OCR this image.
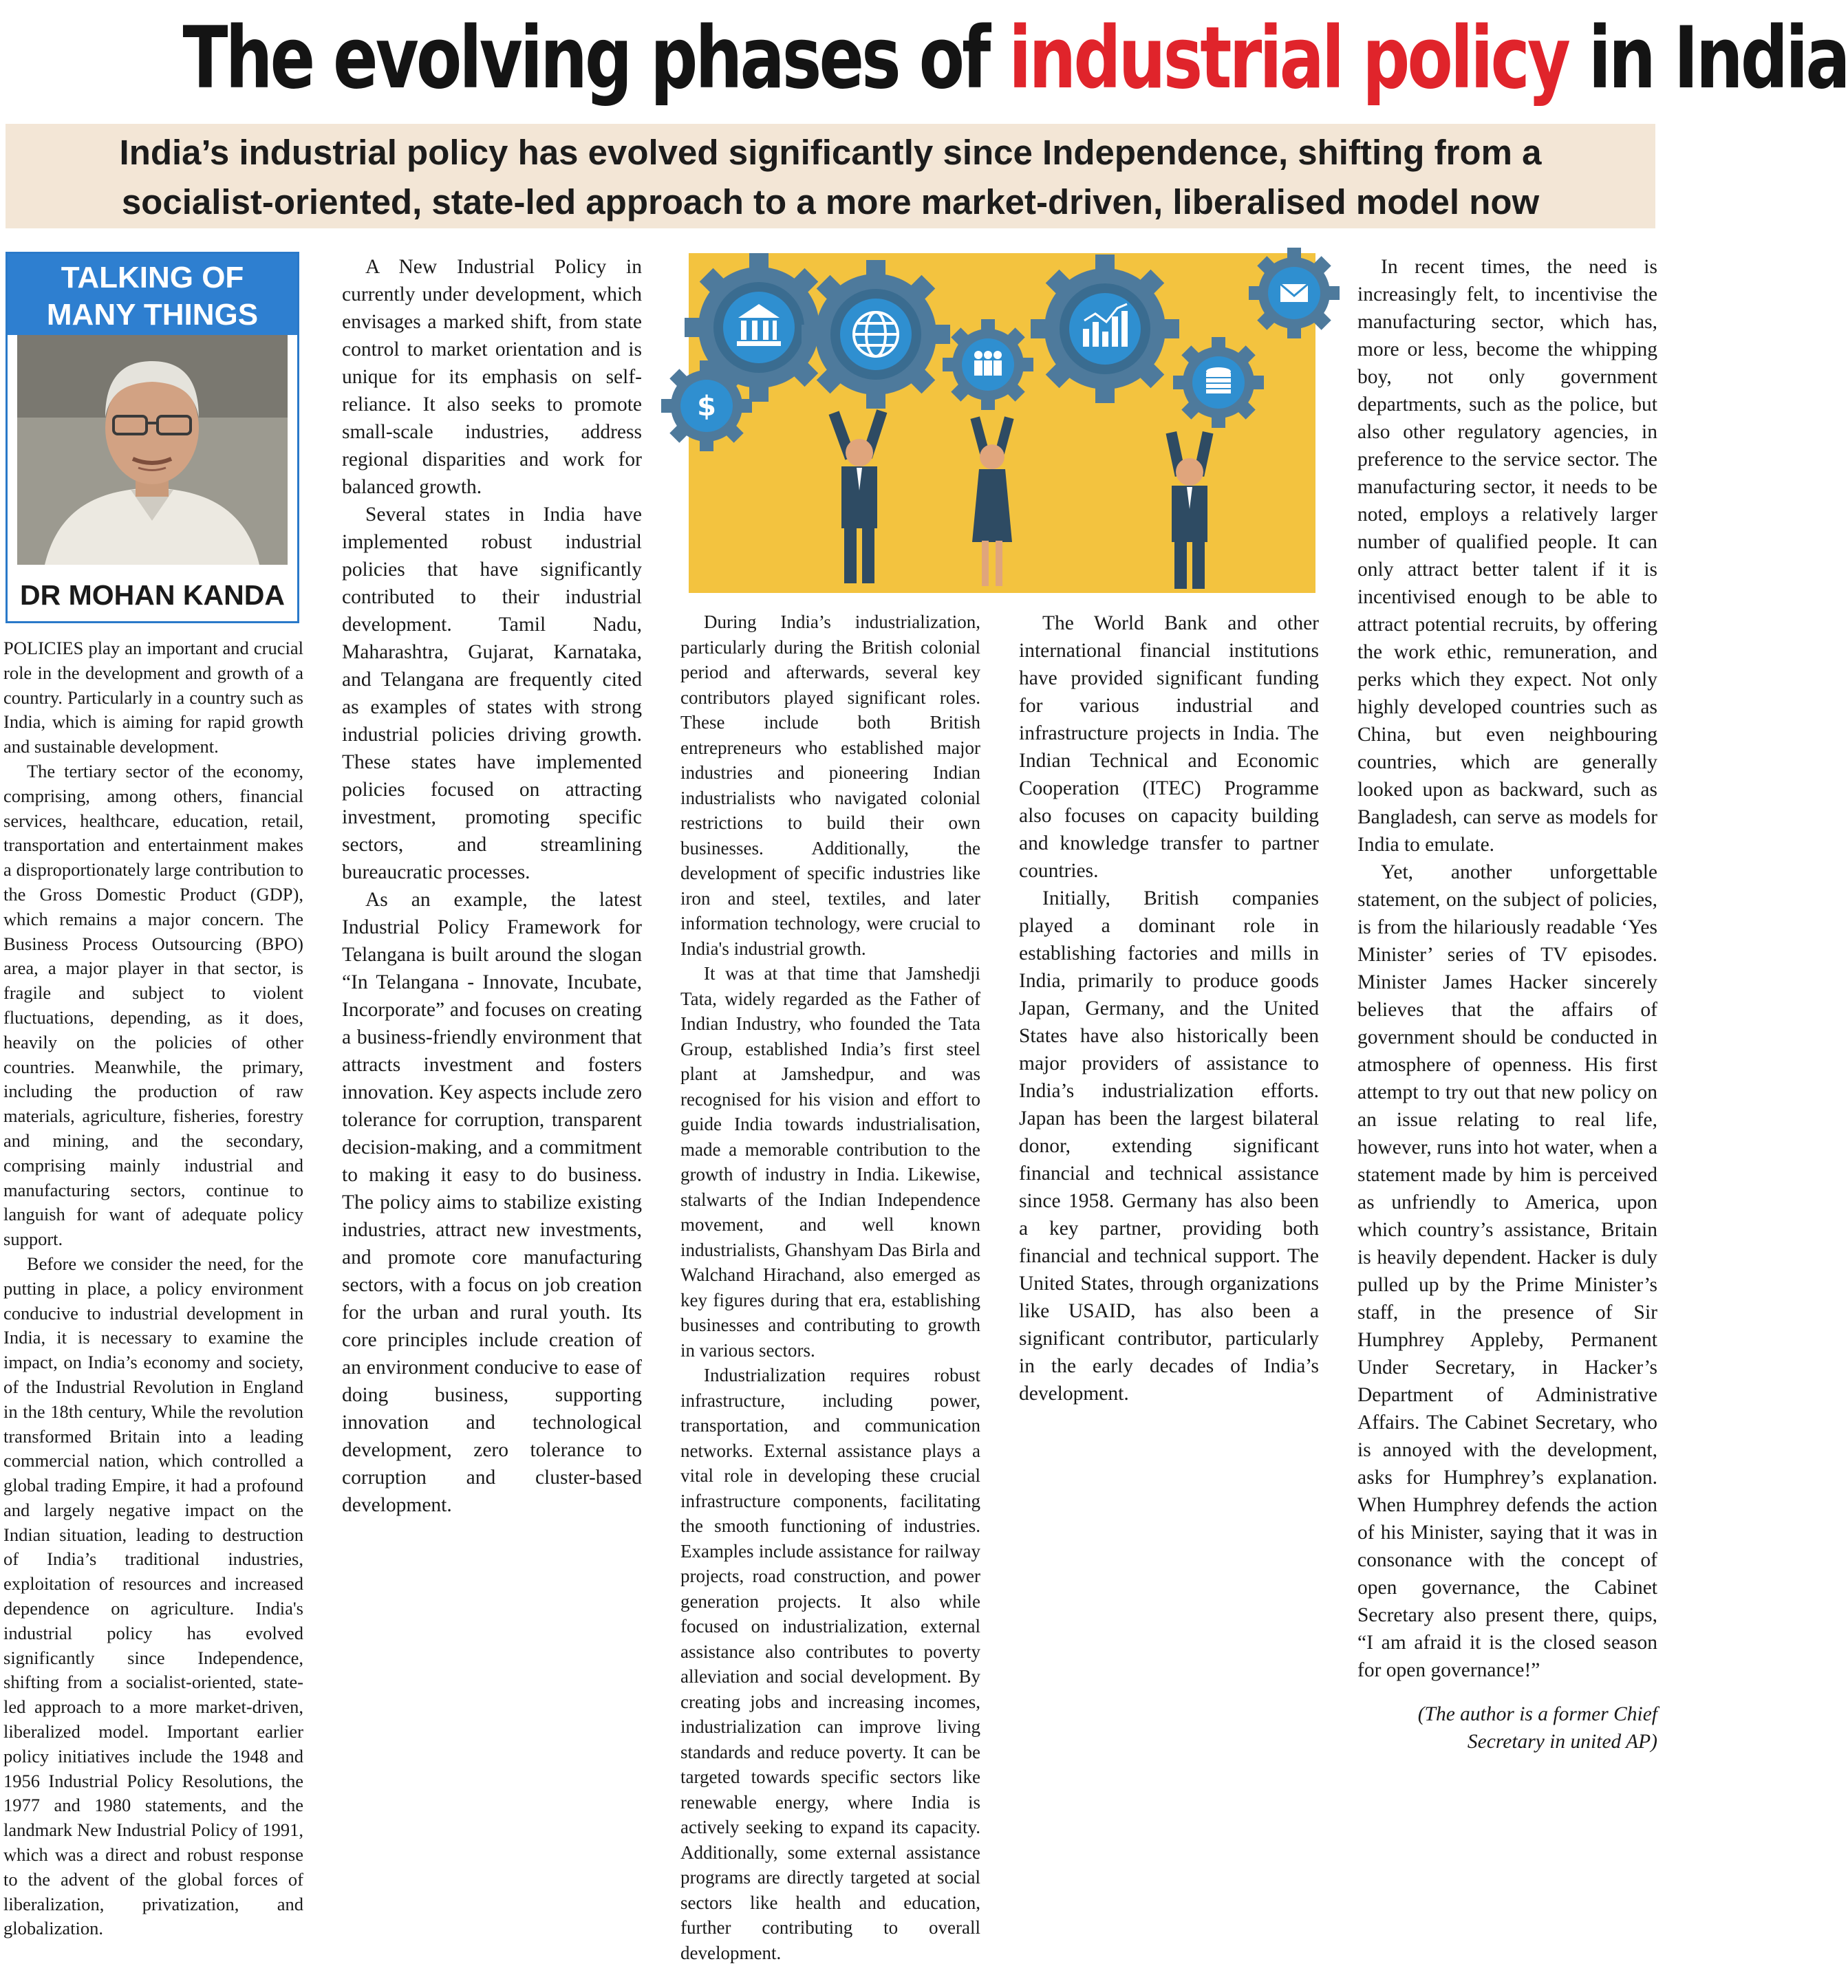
The evolving phases of industrial policy in India
India’s industrial policy has evolved significantly since Independence, shifting from a
socialist-oriented, state-led approach to a more market-driven, liberalised model now
TALKING OF
MANY THINGS
DR MOHAN KANDA
$

POLICIES play an important and crucial role in the development and growth of a country. Particularly in a country such as India, which is aiming for rapid growth and sustainable development.

The tertiary sector of the economy, comprising, among others, financial services, healthcare, education, retail, transportation and entertainment makes a disproportionately large contribution to the Gross Domestic Product (GDP), which remains a major concern. The Business Process Outsourcing (BPO) area, a major player in that sector, is fragile and subject to violent fluctuations, depending, as it does, heavily on the policies of other countries. Meanwhile, the primary, including the production of raw materials, agriculture, fisheries, forestry and mining, and the secondary, comprising mainly industrial and manufacturing sectors, continue to languish for want of adequate policy support.

Before we consider the need, for the putting in place, a policy environment conducive to industrial development in India, it is necessary to examine the impact, on India’s economy and society, of the Industrial Revolution in England in the 18th century, While the revolution transformed Britain into a leading commercial nation, which controlled a global trading Empire, it had a profound and largely negative impact on the Indian situation, leading to destruction of India’s traditional industries, exploitation of resources and increased dependence on agriculture. India's industrial policy has evolved significantly since Independence, shifting from a socialist-oriented, state-led approach to a more market-driven, liberalized model. Important earlier policy initiatives include the 1948 and 1956 Industrial Policy Resolutions, the 1977 and 1980 statements, and the landmark New Industrial Policy of 1991, which was a direct and robust response to the advent of the global forces of liberalization, privatization, and globalization.

A New Industrial Policy in currently under development, which envisages a marked shift, from state control to market orientation and is unique for its emphasis on self-reliance. It also seeks to promote small-scale industries, address regional disparities and work for balanced growth.

Several states in India have implemented robust industrial policies that have significantly contributed to their industrial development. Tamil Nadu, Maharashtra, Gujarat, Karnataka, and Telangana are frequently cited as examples of states with strong industrial policies driving growth. These states have implemented policies focused on attracting investment, promoting specific sectors, and streamlining bureaucratic processes.

As an example, the latest Industrial Policy Framework for Telangana is built around the slogan “In Telangana - Innovate, Incubate, Incorporate” and focuses on creating a business-friendly environment that attracts investment and fosters innovation. Key aspects include zero tolerance for corruption, transparent decision-making, and a commitment to making it easy to do business. The policy aims to stabilize existing industries, attract new investments, and promote core manufacturing sectors, with a focus on job creation for the urban and rural youth. Its core principles include creation of an environment conducive to ease of doing business, supporting innovation and technological development, zero tolerance to corruption and cluster-based development.

During India’s industrialization, particularly during the British colonial period and afterwards, several key contributors played significant roles. These include both British entrepreneurs who established major industries and pioneering Indian industrialists who navigated colonial restrictions to build their own businesses. Additionally, the development of specific industries like iron and steel, textiles, and later information technology, were crucial to India's industrial growth.

It was at that time that Jamshedji Tata, widely regarded as the Father of Indian Industry, who founded the Tata Group, established India’s first steel plant at Jamshedpur, and was recognised for his vision and effort to guide India towards industrialisation, made a memorable contribution to the growth of industry in India. Likewise, stalwarts of the Indian Independence movement, and well known industrialists, Ghanshyam Das Birla and Walchand Hirachand, also emerged as key figures during that era, establishing businesses and contributing to growth in various sectors.

Industrialization requires robust infrastructure, including power, transportation, and communication networks. External assistance plays a vital role in developing these crucial infrastructure components, facilitating the smooth functioning of industries. Examples include assistance for railway projects, road construction, and power generation projects. It also while focused on industrialization, external assistance also contributes to poverty alleviation and social development. By creating jobs and increasing incomes, industrialization can improve living standards and reduce poverty. It can be targeted towards specific sectors like renewable energy, where India is actively seeking to expand its capacity. Additionally, some external assistance programs are directly targeted at social sectors like health and education, further contributing to overall development.

The World Bank and other international financial institutions have provided significant funding for various industrial and infrastructure projects in India. The Indian Technical and Economic Cooperation (ITEC) Programme also focuses on capacity building and knowledge transfer to partner countries.

Initially, British companies played a dominant role in establishing factories and mills in India, primarily to produce goods Japan, Germany, and the United States have also historically been major providers of assistance to India’s industrialization efforts. Japan has been the largest bilateral donor, extending significant financial and technical assistance since 1958. Germany has also been a key partner, providing both financial and technical support. The United States, through organizations like USAID, has also been a significant contributor, particularly in the early decades of India’s development.

In recent times, the need is increasingly felt, to incentivise the manufacturing sector, which has, more or less, become the whipping boy, not only government departments, such as the police, but also other regulatory agencies, in preference to the service sector. The manufacturing sector, it needs to be noted, employs a relatively larger number of qualified people. It can only attract better talent if it is incentivised enough to be able to attract potential recruits, by offering the work ethic, remuneration, and perks which they expect. Not only highly developed countries such as China, but even neighbouring countries, which are generally looked upon as backward, such as Bangladesh, can serve as models for India to emulate.

Yet, another unforgettable statement, on the subject of policies, is from the hilariously readable ‘Yes Minister’ series of TV episodes. Minister James Hacker sincerely believes that the affairs of government should be conducted in atmosphere of openness. His first attempt to try out that new policy on an issue relating to real life, however, runs into hot water, when a statement made by him is perceived as unfriendly to America, upon which country’s assistance, Britain is heavily dependent. Hacker is duly pulled up by the Prime Minister’s staff, in the presence of Sir Humphrey Appleby, Permanent Under Secretary, in Hacker’s Department of Administrative Affairs. The Cabinet Secretary, who is annoyed with the development, asks for Humphrey’s explanation. When Humphrey defends the action of his Minister, saying that it was in consonance with the concept of open governance, the Cabinet Secretary also present there, quips, “I am afraid it is the closed season for open governance!”

(The author is a former Chief Secretary in united AP)
